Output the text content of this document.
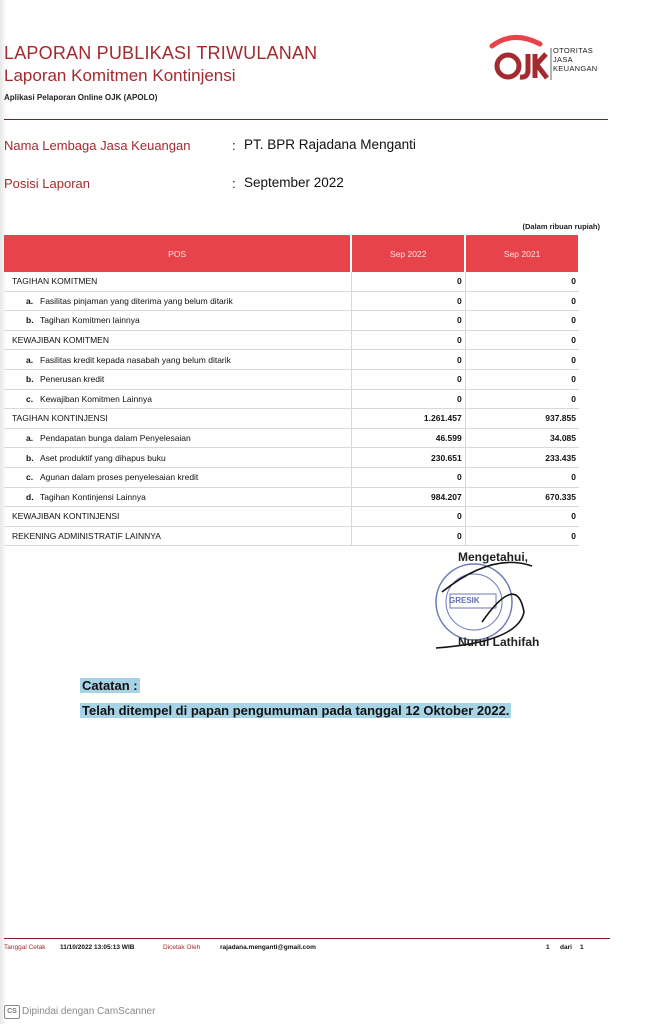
LAPORAN PUBLIKASI TRIWULANAN
Laporan Komitmen Kontinjensi
Aplikasi Pelaporan Online OJK (APOLO)
OTORITAS
JASA
KEUANGAN
Nama Lembaga Jasa Keuangan	: PT. BPR Rajadana Menganti
Posisi Laporan	: September 2022
(Dalam ribuan rupiah)
POS	Sep 2022	Sep 2021
TAGIHAN KOMITMEN	0	0
a. Fasilitas pinjaman yang diterima yang belum ditarik	0	0
b. Tagihan Komitmen lainnya	0	0
KEWAJIBAN KOMITMEN	0	0
a. Fasilitas kredit kepada nasabah yang belum ditarik	0	0
b. Penerusan kredit	0	0
c. Kewajiban Komitmen Lainnya	0	0
TAGIHAN KONTINJENSI	1.261.457	937.855
a. Pendapatan bunga dalam Penyelesaian	46.599	34.085
b. Aset produktif yang dihapus buku	230.651	233.435
c. Agunan dalam proses penyelesaian kredit	0	0
d. Tagihan Kontinjensi Lainnya	984.207	670.335
KEWAJIBAN KONTINJENSI	0	0
REKENING ADMINISTRATIF LAINNYA	0	0
Mengetahui,
GRESIK
Nurul Lathifah
Catatan :
Telah ditempel di papan pengumuman pada tanggal 12 Oktober 2022.
Tanggal Cetak 11/10/2022 13:05:13 WIB	Dicetak Oleh	rajadana.menganti@gmail.com	1 dari 1
CS Dipindai dengan CamScanner
